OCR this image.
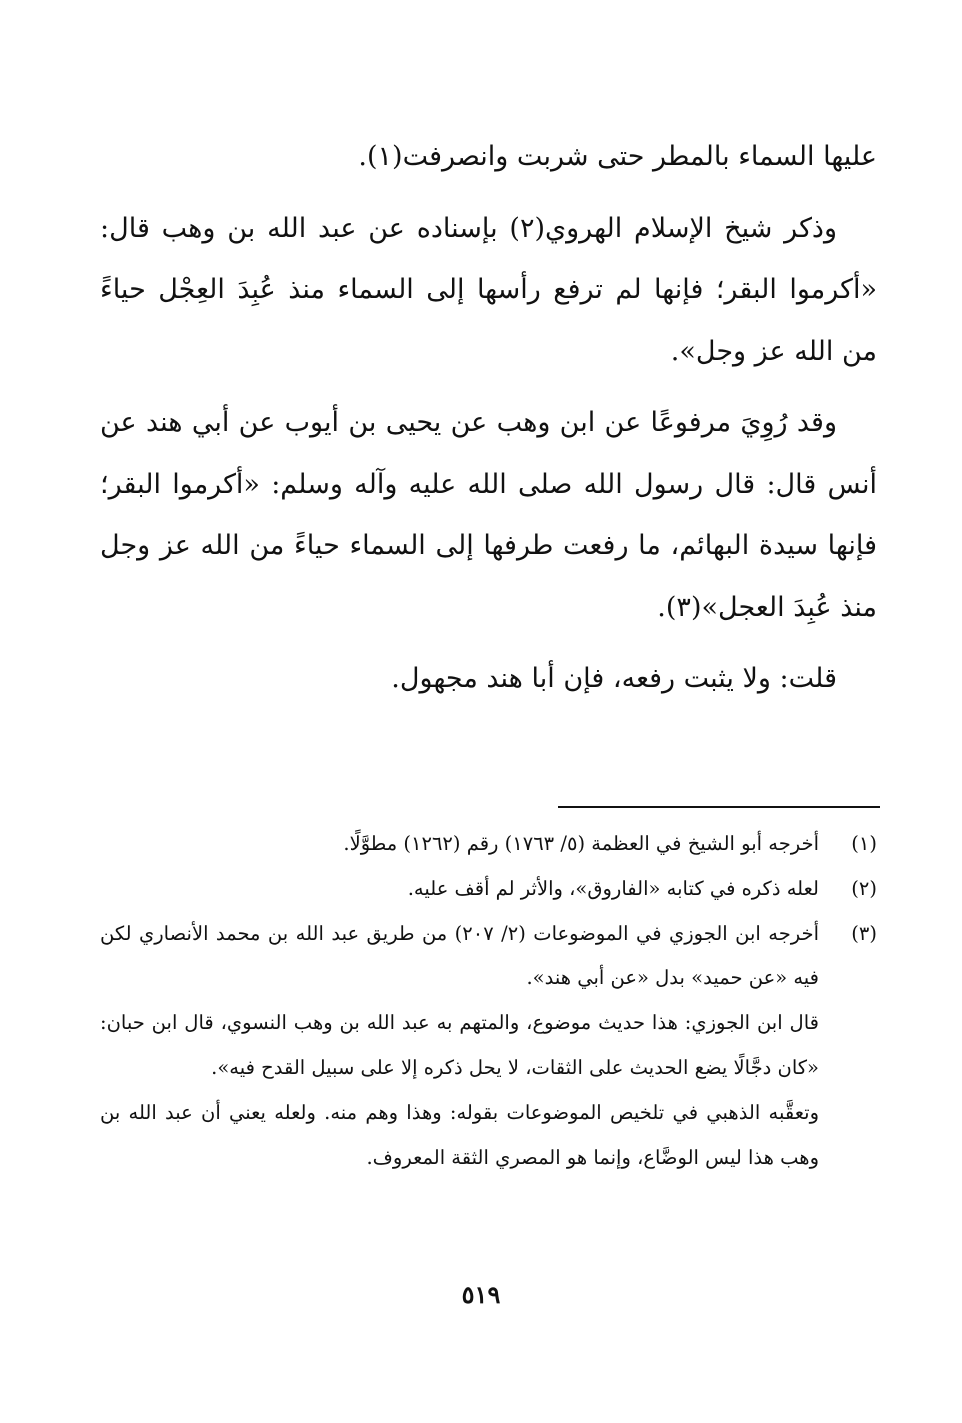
عليها السماء بالمطر حتى شربت وانصرفت(١).

وذكر شيخ الإسلام الهروي(٢) بإسناده عن عبد الله بن وهب قال: «أكرموا البقر؛ فإنها لم ترفع رأسها إلى السماء منذ عُبِدَ العِجْل حياءً من الله عز وجل».

وقد رُوِيَ مرفوعًا عن ابن وهب عن يحيى بن أيوب عن أبي هند عن أنس قال: قال رسول الله صلى الله عليه وآله وسلم: «أكرموا البقر؛ فإنها سيدة البهائم، ما رفعت طرفها إلى السماء حياءً من الله عز وجل منذ عُبِدَ العجل»(٣).

قلت: ولا يثبت رفعه، فإن أبا هند مجهول.

(١)
أخرجه أبو الشيخ في العظمة (٥/ ١٧٦٣) رقم (١٢٦٢) مطوَّلًا.
(٢)
لعله ذكره في كتابه «الفاروق»، والأثر لم أقف عليه.
(٣)
أخرجه ابن الجوزي في الموضوعات (٢/ ٢٠٧) من طريق عبد الله بن محمد الأنصاري لكن فيه «عن حميد» بدل «عن أبي هند».
قال ابن الجوزي: هذا حديث موضوع، والمتهم به عبد الله بن وهب النسوي، قال ابن حبان: «كان دجَّالًا يضع الحديث على الثقات، لا يحل ذكره إلا على سبيل القدح فيه».
وتعقَّبه الذهبي في تلخيص الموضوعات بقوله: وهذا وهم منه. ولعله يعني أن عبد الله بن وهب هذا ليس الوضَّاع، وإنما هو المصري الثقة المعروف.
٥١٩
